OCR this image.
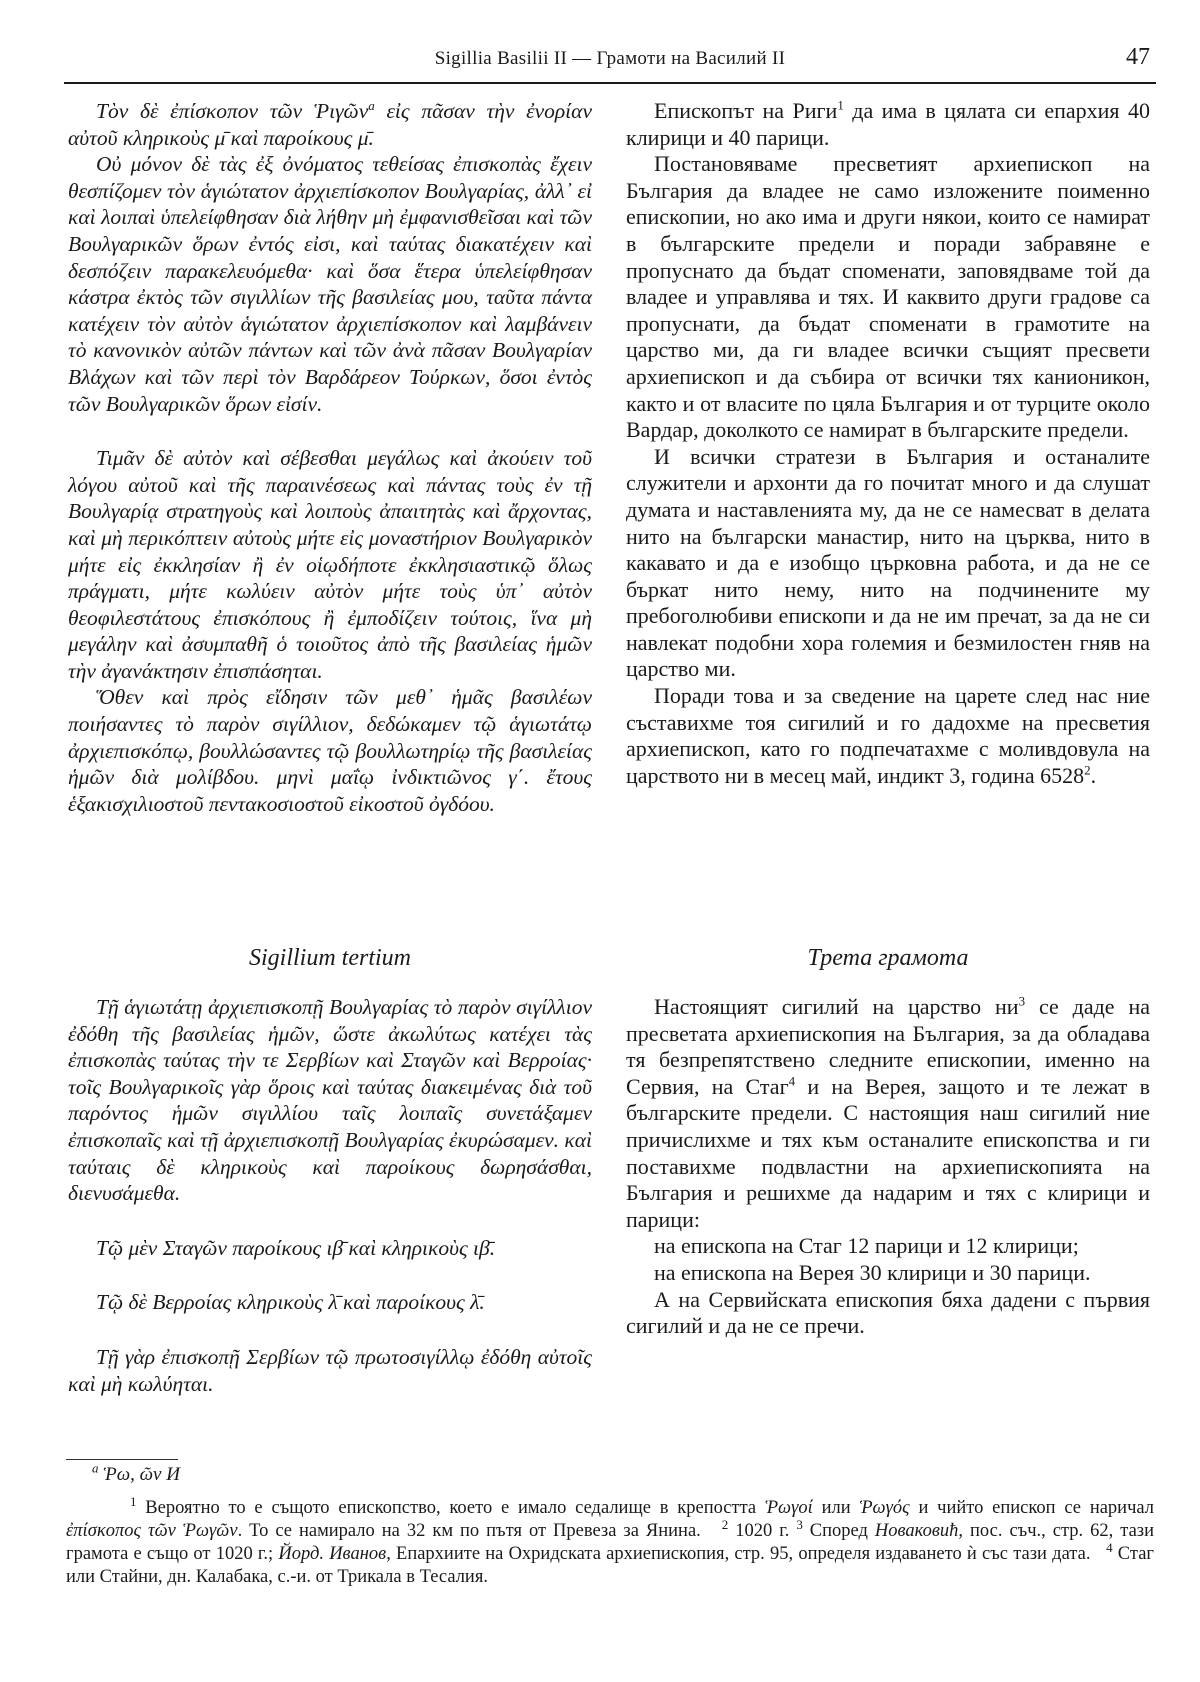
Sigillia Basilii II — Грамоти на Василий II	47

Τὸν δὲ ἐπίσκοπον τῶν Ῥιγῶν$^a$ εἰς πᾶσαν τὴν ἐνορίαν αὐτοῦ κληρικοὺς μ̄ καὶ παροίκους μ̄.

Οὐ μόνον δὲ τὰς ἐξ ὀνόματος τεθείσας ἐπισκοπὰς ἔχειν θεσπίζομεν τὸν ἁγιώτατον ἀρχιεπίσκοπον Βουλγαρίας, ἀλλ᾽ εἰ καὶ λοιπαὶ ὑπελείφθησαν διὰ λήθην μὴ ἐμφανισθεῖσαι καὶ τῶν Βουλγαρικῶν ὅρων ἐντός εἰσι, καὶ ταύτας διακατέχειν καὶ δεσπόζειν παρακελευόμεθα· καὶ ὅσα ἕτερα ὑπελείφθησαν κάστρα ἐκτὸς τῶν σιγιλλίων τῆς βασιλείας μου, ταῦτα πάντα κατέχειν τὸν αὐτὸν ἁγιώτατον ἀρχιεπίσκοπον καὶ λαμβάνειν τὸ κανονικὸν αὐτῶν πάντων καὶ τῶν ἀνὰ πᾶσαν Βουλγαρίαν Βλάχων καὶ τῶν περὶ τὸν Βαρδάρεον Τούρκων, ὅσοι ἐντὸς τῶν Βουλγαρικῶν ὅρων εἰσίν.

Τιμᾶν δὲ αὐτὸν καὶ σέβεσθαι μεγάλως καὶ ἀκούειν τοῦ λόγου αὐτοῦ καὶ τῆς παραινέσεως καὶ πάντας τοὺς ἐν τῇ Βουλγαρίᾳ στρατηγοὺς καὶ λοιποὺς ἀπαιτητὰς καὶ ἄρχοντας, καὶ μὴ περικόπτειν αὐτοὺς μήτε εἰς μοναστήριον Βουλγαρικὸν μήτε εἰς ἐκκλησίαν ἢ ἐν οἱῳδήποτε ἐκκλησιαστικῷ ὅλως πράγματι, μήτε κωλύειν αὐτὸν μήτε τοὺς ὑπ᾽ αὐτὸν θεοφιλεστάτους ἐπισκόπους ἢ ἐμποδίζειν τούτοις, ἵνα μὴ μεγάλην καὶ ἀσυμπαθῆ ὁ τοιοῦτος ἀπὸ τῆς βασιλείας ἡμῶν τὴν ἀγανάκτησιν ἐπισπάσηται.

Ὅθεν καὶ πρὸς εἴδησιν τῶν μεθ᾽ ἡμᾶς βασιλέων ποιήσαντες τὸ παρὸν σιγίλλιον, δεδώκαμεν τῷ ἁγιωτάτῳ ἀρχιεπισκόπῳ, βουλλώσαντες τῷ βουλλωτηρίῳ τῆς βασιλείας ἡμῶν διὰ μολίβδου. μηνὶ μαΐῳ ἰνδικτιῶνος γ΄. ἔτους ἑξακισχιλιοστοῦ πεντακοσιοστοῦ εἰκοστοῦ ὀγδόου.

Епископът на Риги$^1$ да има в цялата си епархия 40 клирици и 40 парици.

Постановяваме пресветият архиепископ на България да владее не само изложените поименно епископии, но ако има и други някои, които се намират в българските предели и поради забравяне е пропуснато да бъдат споменати, заповядваме той да владее и управлява и тях. И каквито други градове са пропуснати, да бъдат споменати в грамотите на царство ми, да ги владее всички същият пресвети архиепископ и да събира от всички тях канионикон, както и от власите по цяла България и от турците около Вардар, доколкото се намират в българските предели.

И всички стратези в България и останалите служители и архонти да го почитат много и да слушат думата и наставленията му, да не се намесват в делата нито на български манастир, нито на църква, нито в какавато и да е изобщо църковна работа, и да не се бъркат нито нему, нито на подчинените му пребоголюбиви епископи и да не им пречат, за да не си навлекат подобни хора големия и безмилостен гняв на царство ми.

Поради това и за сведение на царете след нас ние съставихме тоя сигилий и го дадохме на пресветия архиепископ, като го подпечатахме с моливдовула на царството ни в месец май, индикт 3, година 6528$^2$.

Sigillium tertium	Трета грамота

Τῇ ἁγιωτάτῃ ἀρχιεπισκοπῇ Βουλγαρίας τὸ παρὸν σιγίλλιον ἐδόθη τῆς βασιλείας ἡμῶν, ὥστε ἀκωλύτως κατέχει τὰς ἐπισκοπὰς ταύτας τὴν τε Σερβίων καὶ Σταγῶν καὶ Βερροίας· τοῖς Βουλγαρικοῖς γὰρ ὅροις καὶ ταύτας διακειμένας διὰ τοῦ παρόντος ἡμῶν σιγιλλίου ταῖς λοιπαῖς συνετάξαμεν ἐπισκοπαῖς καὶ τῇ ἀρχιεπισκοπῇ Βουλγαρίας ἐκυρώσαμεν. καὶ ταύταις δὲ κληρικοὺς καὶ παροίκους δωρησάσθαι, διενυσάμεθα.

Τῷ μὲν Σταγῶν παροίκους ιβ̄ καὶ κληρικοὺς ιβ̄.

Τῷ δὲ Βερροίας κληρικοὺς λ̄ καὶ παροίκους λ̄.

Τῇ γὰρ ἐπισκοπῇ Σερβίων τῷ πρωτοσιγίλλῳ ἐδόθη αὐτοῖς καὶ μὴ κωλύηται.

Настоящият сигилий на царство $ни^3$ се даде на пресветата архиепископия на България, за да обладава тя безпрепятствено следните епископии, именно на Сервия, на Стаг$^4$ и на Верея, защото и те лежат в българските предели. С настоящия наш сигилий ние причислихме и тях към останалите епископства и ги поставихме подвластни на архиепископията на България и решихме да надарим и тях с клирици и парици:

на епископа на Стаг 12 парици и 12 клирици;

на епископа на Верея 30 клирици и 30 парици.

А на Сервийската епископия бяха дадени с първия сигилий и да не се пречи.

$^a$ Ῥω, ῶν И

$^1$ Вероятно то е същото епископство, което е имало седалище в крепостта Ῥωγοί или Ῥωγός и чийто епископ се наричал ἐπίσκοπος τῶν Ῥωγῶν. То се намирало на 32 км по пътя от Превеза за Янина.   $^2$ 1020 г. $^3$ Според Новаковић, пос. съч., стр. 62, тази грамота е също от 1020 г.; Йорд. Иванов, Епархиите на Охридската архиепископия, стр. 95, определя издаването ѝ със тази дата.   $^4$ Стаг или Стайни, дн. Калабака, с.-и. от Трикала в Тесалия.
